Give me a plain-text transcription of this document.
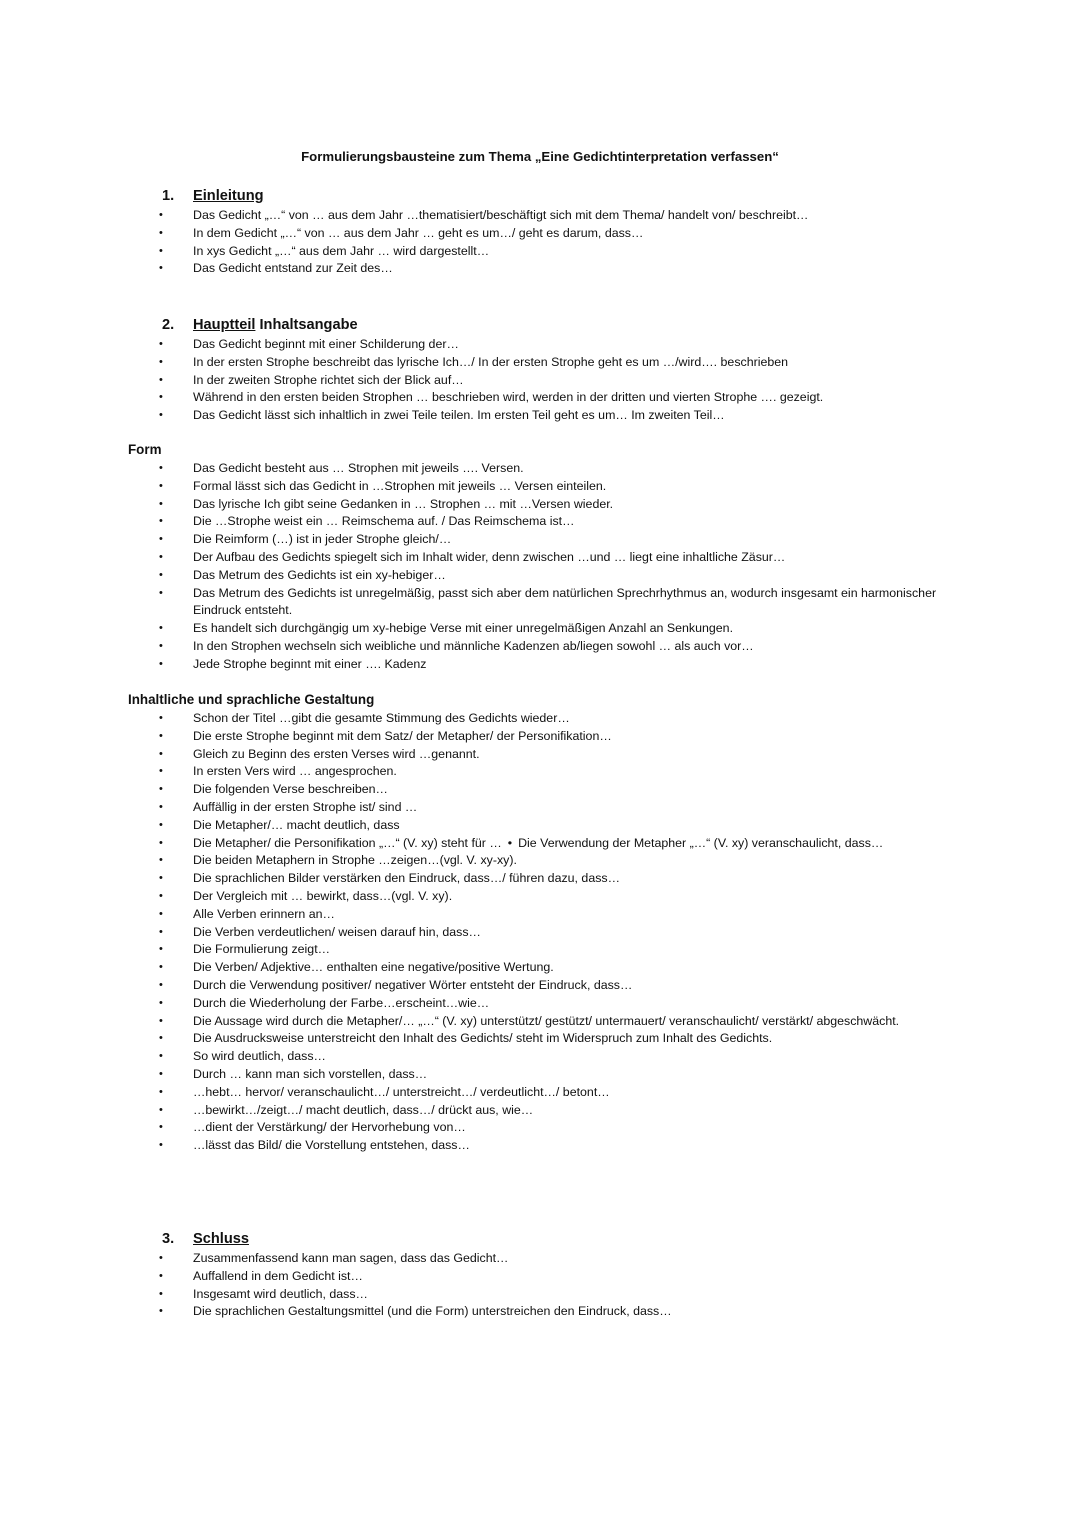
Formulierungsbausteine zum Thema „Eine Gedichtinterpretation verfassen“
1. Einleitung
• Das Gedicht „…“ von … aus dem Jahr …thematisiert/beschäftigt sich mit dem Thema/ handelt von/ beschreibt…
• In dem Gedicht „…“ von … aus dem Jahr … geht es um…/ geht es darum, dass…
• In xys Gedicht „…“ aus dem Jahr … wird dargestellt…
• Das Gedicht entstand zur Zeit des…
2. Hauptteil Inhaltsangabe
• Das Gedicht beginnt mit einer Schilderung der…
• In der ersten Strophe beschreibt das lyrische Ich…/ In der ersten Strophe geht es um …/wird…. beschrieben
• In der zweiten Strophe richtet sich der Blick auf…
• Während in den ersten beiden Strophen … beschrieben wird, werden in der dritten und vierten Strophe …. gezeigt.
• Das Gedicht lässt sich inhaltlich in zwei Teile teilen. Im ersten Teil geht es um… Im zweiten Teil…
Form
• Das Gedicht besteht aus … Strophen mit jeweils …. Versen.
• Formal lässt sich das Gedicht in …Strophen mit jeweils … Versen einteilen.
• Das lyrische Ich gibt seine Gedanken in … Strophen … mit …Versen wieder.
• Die …Strophe weist ein … Reimschema auf. / Das Reimschema ist…
• Die Reimform (…) ist in jeder Strophe gleich/…
• Der Aufbau des Gedichts spiegelt sich im Inhalt wider, denn zwischen …und … liegt eine inhaltliche Zäsur…
• Das Metrum des Gedichts ist ein xy-hebiger…
• Das Metrum des Gedichts ist unregelmäßig, passt sich aber dem natürlichen Sprechrhythmus an, wodurch insgesamt ein harmonischer Eindruck entsteht.
• Es handelt sich durchgängig um xy-hebige Verse mit einer unregelmäßigen Anzahl an Senkungen.
• In den Strophen wechseln sich weibliche und männliche Kadenzen ab/liegen sowohl … als auch vor…
• Jede Strophe beginnt mit einer …. Kadenz
Inhaltliche und sprachliche Gestaltung
• Schon der Titel …gibt die gesamte Stimmung des Gedichts wieder…
• Die erste Strophe beginnt mit dem Satz/ der Metapher/ der Personifikation…
• Gleich zu Beginn des ersten Verses wird …genannt.
• In ersten Vers wird … angesprochen.
• Die folgenden Verse beschreiben…
• Auffällig in der ersten Strophe ist/ sind …
• Die Metapher/… macht deutlich, dass
• Die Metapher/ die Personifikation „…“ (V. xy) steht für … • Die Verwendung der Metapher „…“ (V. xy) veranschaulicht, dass…
• Die beiden Metaphern in Strophe …zeigen…(vgl. V. xy-xy).
• Die sprachlichen Bilder verstärken den Eindruck, dass…/ führen dazu, dass…
• Der Vergleich mit … bewirkt, dass…(vgl. V. xy).
• Alle Verben erinnern an…
• Die Verben verdeutlichen/ weisen darauf hin, dass…
• Die Formulierung zeigt…
• Die Verben/ Adjektive… enthalten eine negative/positive Wertung.
• Durch die Verwendung positiver/ negativer Wörter entsteht der Eindruck, dass…
• Durch die Wiederholung der Farbe…erscheint…wie…
• Die Aussage wird durch die Metapher/… „…“ (V. xy) unterstützt/ gestützt/ untermauert/ veranschaulicht/ verstärkt/ abgeschwächt.
• Die Ausdrucksweise unterstreicht den Inhalt des Gedichts/ steht im Widerspruch zum Inhalt des Gedichts.
• So wird deutlich, dass…
• Durch … kann man sich vorstellen, dass…
• …hebt… hervor/ veranschaulicht…/ unterstreicht…/ verdeutlicht…/ betont…
• …bewirkt…/zeigt…/ macht deutlich, dass…/ drückt aus, wie…
• …dient der Verstärkung/ der Hervorhebung von…
• …lässt das Bild/ die Vorstellung entstehen, dass…
3. Schluss
• Zusammenfassend kann man sagen, dass das Gedicht…
• Auffallend in dem Gedicht ist…
• Insgesamt wird deutlich, dass…
• Die sprachlichen Gestaltungsmittel (und die Form) unterstreichen den Eindruck, dass…
